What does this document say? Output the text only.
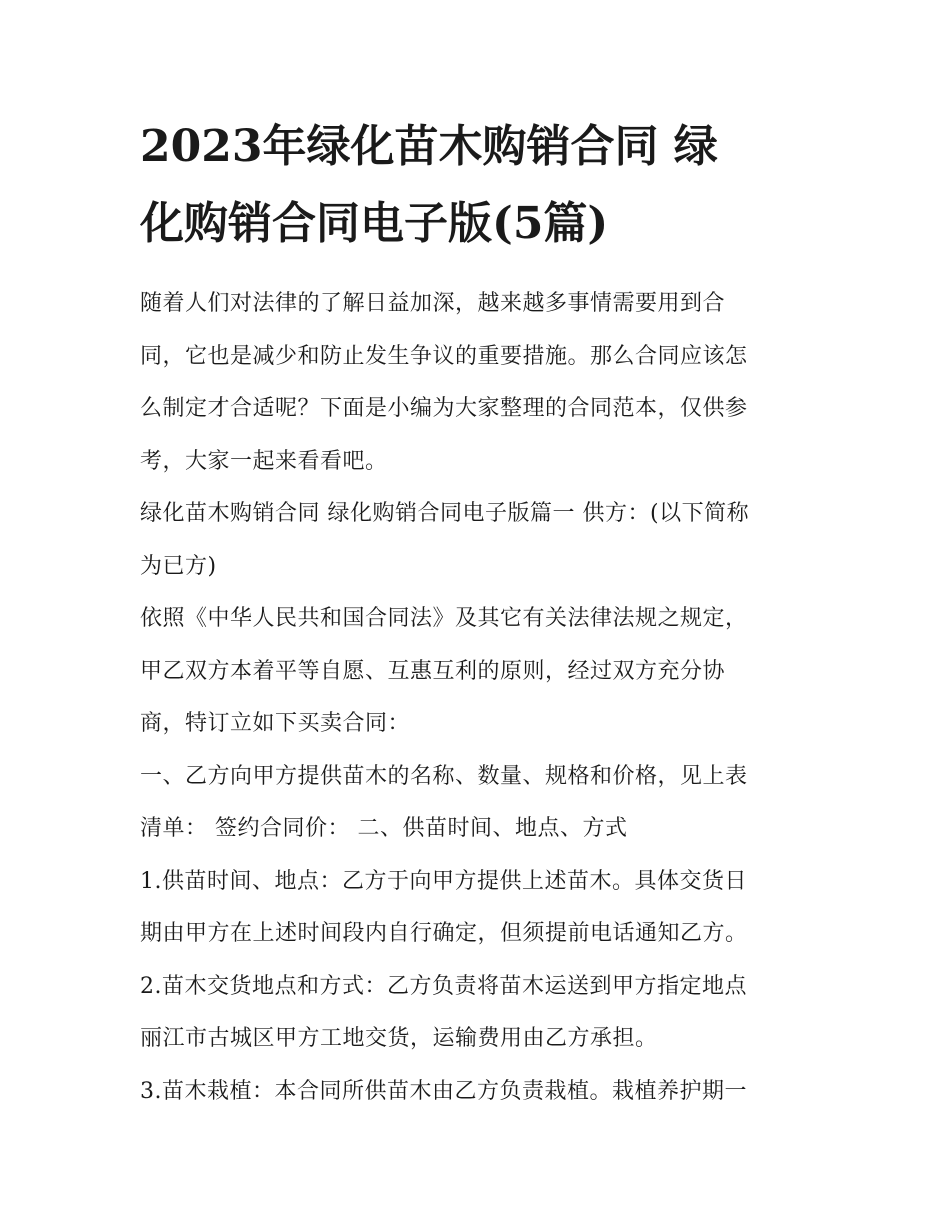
2023年绿化苗木购销合同 绿
化购销合同电子版(5篇)

随着人们对法律的了解日益加深，越来越多事情需要用到合
同，它也是减少和防止发生争议的重要措施。那么合同应该怎
么制定才合适呢？下面是小编为大家整理的合同范本，仅供参
考，大家一起来看看吧。

绿化苗木购销合同 绿化购销合同电子版篇一 供方：(以下简称
为已方)

依照《中华人民共和国合同法》及其它有关法律法规之规定，
甲乙双方本着平等自愿、互惠互利的原则，经过双方充分协
商，特订立如下买卖合同：

一、乙方向甲方提供苗木的名称、数量、规格和价格，见上表
清单： 签约合同价： 二、供苗时间、地点、方式

1.供苗时间、地点：乙方于向甲方提供上述苗木。具体交货日
期由甲方在上述时间段内自行确定，但须提前电话通知乙方。

2.苗木交货地点和方式：乙方负责将苗木运送到甲方指定地点
丽江市古城区甲方工地交货，运输费用由乙方承担。

3.苗木栽植：本合同所供苗木由乙方负责栽植。栽植养护期一
